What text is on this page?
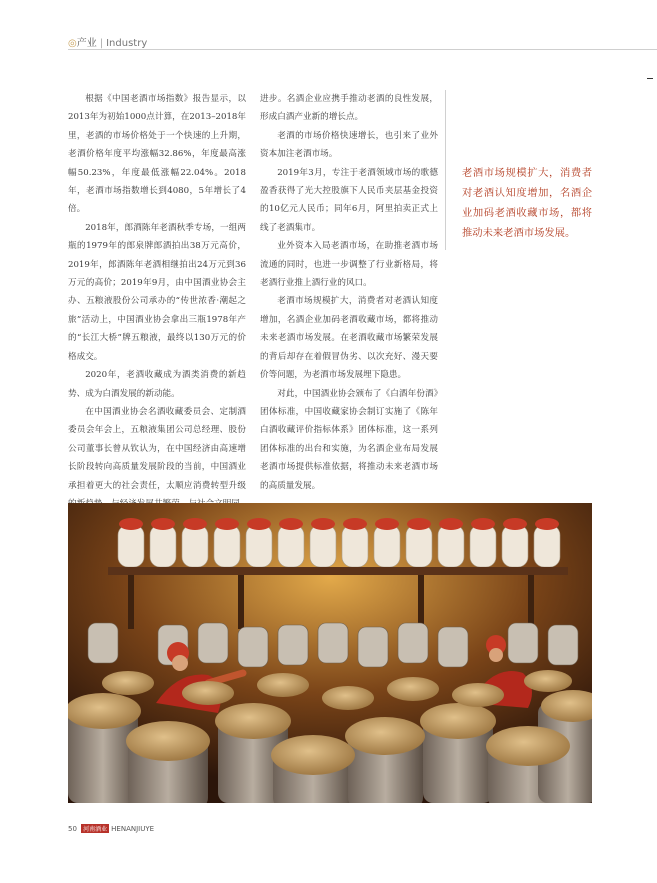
◎产业 | Industry

根据《中国老酒市场指数》报告显示，以2013年为初始1000点计算，在2013–2018年里，老酒的市场价格处于一个快速的上升期，老酒价格年度平均涨幅32.86%，年度最高涨幅50.23%，年度最低涨幅22.04%。2018年，老酒市场指数增长到4080，5年增长了4倍。

2018年，郎酒陈年老酒秋季专场，一组两瓶的1979年的郎泉牌郎酒拍出38万元高价，2019年，郎酒陈年老酒相继拍出24万元到36万元的高价；2019年9月，由中国酒业协会主办、五粮液股份公司承办的“传世浓香·潮起之旅”活动上，中国酒业协会拿出三瓶1978年产的“长江大桥”牌五粮液，最终以130万元的价格成交。

2020年，老酒收藏成为酒类消费的新趋势、成为白酒发展的新动能。

在中国酒业协会名酒收藏委员会、定制酒委员会年会上，五粮液集团公司总经理、股份公司董事长曾从钦认为，在中国经济由高速增长阶段转向高质量发展阶段的当前，中国酒业承担着更大的社会责任，太顺应消费转型升级

进步。名酒企业应携手推动老酒的良性发展，形成白酒产业新的增长点。

老酒的市场价格快速增长，也引来了业外资本加注老酒市场。

2019年3月，专注于老酒领域市场的歌德盈香获得了光大控股旗下人民币夹层基金投资的10亿元人民币；同年6月，阿里拍卖正式上线了老酒集市。

业外资本入局老酒市场，在助推老酒市场流通的同时，也进一步调整了行业新格局，将老酒行业推上酒行业的风口。

老酒市场规模扩大，消费者对老酒认知度增加，名酒企业加码老酒收藏市场，都将推动未来老酒市场发展。在老酒收藏市场繁荣发展的背后却存在着假冒伪劣、以次充好、漫天要价等问题，为老酒市场发展埋下隐患。

对此，中国酒业协会颁布了《白酒年份酒》团体标准，中国收藏家协会制订实施了《陈年白酒收藏评价指标体系》团体标准，这一系列团体标准的出台和实施，为名酒企业布局发展老酒市场提供标准依据，将推动未来老酒市场的高质量发展。

老酒市场规模扩大，消费者对老酒认知度增加，名酒企业加码老酒收藏市场，都将推动未来老酒市场发展。
50 河南酒业 HENANJIUYE
